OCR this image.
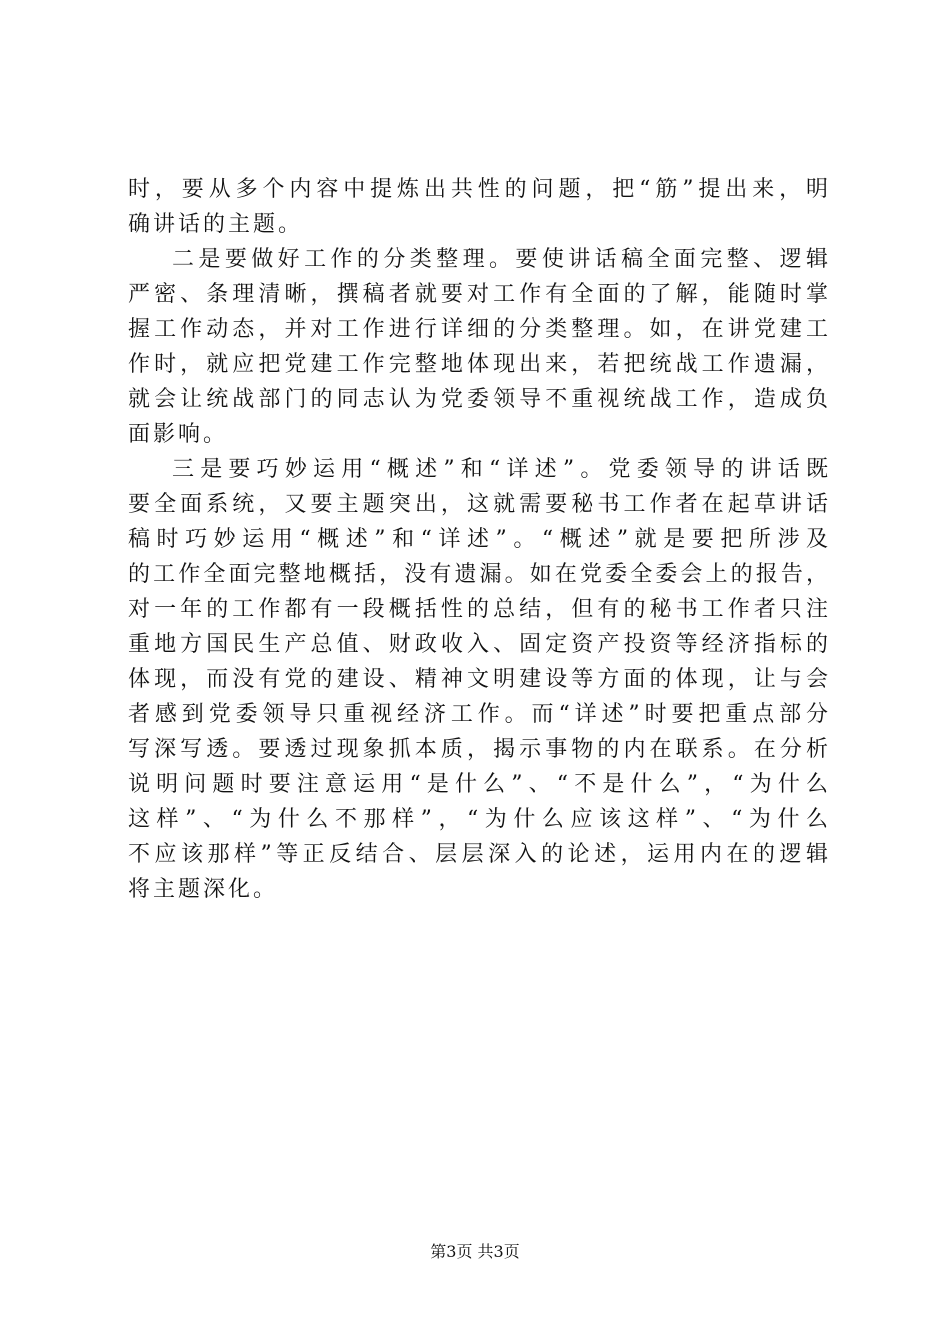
时，要从多个内容中提炼出共性的问题，把“筋”提出来，明
确讲话的主题。
二是要做好工作的分类整理。要使讲话稿全面完整、逻辑
严密、条理清晰，撰稿者就要对工作有全面的了解，能随时掌
握工作动态，并对工作进行详细的分类整理。如，在讲党建工
作时，就应把党建工作完整地体现出来，若把统战工作遗漏，
就会让统战部门的同志认为党委领导不重视统战工作，造成负
面影响。
三是要巧妙运用“概述”和“详述”。党委领导的讲话既
要全面系统，又要主题突出，这就需要秘书工作者在起草讲话
稿时巧妙运用“概述”和“详述”。“概述”就是要把所涉及
的工作全面完整地概括，没有遗漏。如在党委全委会上的报告，
对一年的工作都有一段概括性的总结，但有的秘书工作者只注
重地方国民生产总值、财政收入、固定资产投资等经济指标的
体现，而没有党的建设、精神文明建设等方面的体现，让与会
者感到党委领导只重视经济工作。而“详述”时要把重点部分
写深写透。要透过现象抓本质，揭示事物的内在联系。在分析
说明问题时要注意运用“是什么”、“不是什么”，“为什么
这样”、“为什么不那样”，“为什么应该这样”、“为什么
不应该那样”等正反结合、层层深入的论述，运用内在的逻辑
将主题深化。
第3页 共3页
